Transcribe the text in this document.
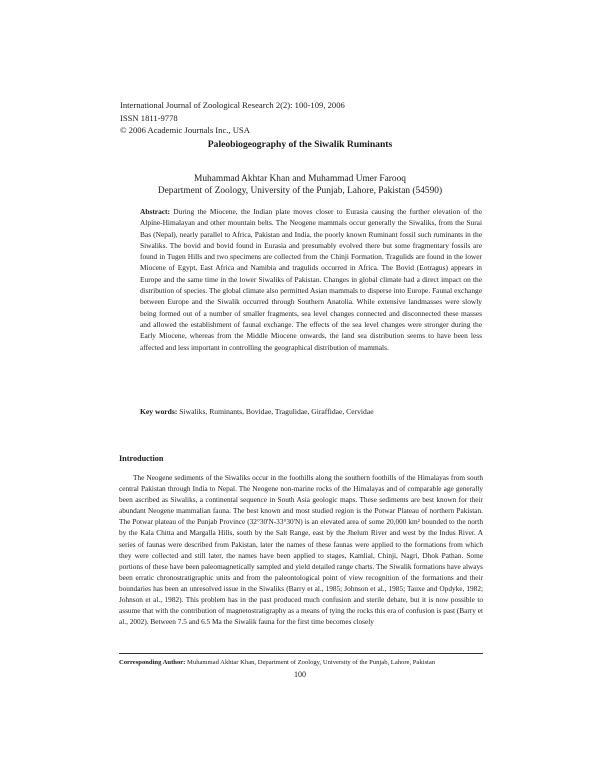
International Journal of Zoological Research 2(2): 100-109, 2006
ISSN 1811-9778
© 2006 Academic Journals Inc., USA
Paleobiogeography of the Siwalik Ruminants
Muhammad Akhtar Khan and Muhammad Umer Farooq
Department of Zoology, University of the Punjab, Lahore, Pakistan (54590)
Abstract: During the Miocene, the Indian plate moves closer to Eurasia causing the further elevation of the Alpine-Himalayan and other mountain belts. The Neogene mammals occur generally the Siwaliks, from the Surai Bas (Nepal), nearly parallel to Africa, Pakistan and India, the poorly known Ruminant fossil such ruminants in the Siwaliks. The bovid and bovid found in Eurasia and presumably evolved there but some fragmentary fossils are found in Tugen Hills and two specimens are collected from the Chinji Formation. Tragulids are found in the lower Miocene of Egypt, East Africa and Namibia and tragulids occurred in Africa. The Bovid (Eotragus) appears in Europe and the same time in the lower Siwaliks of Pakistan. Changes in global climate had a direct impact on the distribution of species. The global climate also permitted Asian mammals to disperse into Europe. Faunal exchange between Europe and the Siwalik occurred through Southern Anatolia. While extensive landmasses were slowly being formed out of a number of smaller fragments, sea level changes connected and disconnected these masses and allowed the establishment of faunal exchange. The effects of the sea level changes were stronger during the Early Miocene, whereas from the Middle Miocene onwards, the land sea distribution seems to have been less affected and less important in controlling the geographical distribution of mammals.
Key words: Siwaliks, Ruminants, Bovidae, Tragulidae, Giraffidae, Cervidae
Introduction
The Neogene sediments of the Siwaliks occur in the foothills along the southern foothills of the Himalayas from south central Pakistan through India to Nepal. The Neogene non-marine rocks of the Himalayas and of comparable age generally been ascribed as Siwaliks, a continental sequence in South Asia geologic maps. These sediments are best known for their abundant Neogene mammalian fauna. The best known and most studied region is the Potwar Plateau of northern Pakistan. The Potwar plateau of the Punjab Province (32°30'N-33°30'N) is an elevated area of some 20,000 km² bounded to the north by the Kala Chitta and Margalla Hills, south by the Salt Range, east by the Jhelum River and west by the Indus River. A series of faunas were described from Pakistan, later the names of these faunas were applied to the formations from which they were collected and still later, the names have been applied to stages, Kamlial, Chinji, Nagri, Dhok Pathan. Some portions of these have been paleomagnetically sampled and yield detailed range charts. The Siwalik formations have always been erratic chronostratigraphic units and from the paleontological point of view recognition of the formations and their boundaries has been an unresolved issue in the Siwaliks (Barry et al., 1985; Johnson et al., 1985; Tauxe and Opdyke, 1982; Johnson et al., 1982). This problem has in the past produced much confusion and sterile debate, but it is now possible to assume that with the contribution of magnetostratigraphy as a means of tying the rocks this era of confusion is past (Barry et al., 2002). Between 7.5 and 6.5 Ma the Siwalik fauna for the first time becomes closely
Corresponding Author: Muhammad Akhtar Khan, Department of Zoology, University of the Punjab, Lahore, Pakistan
100
